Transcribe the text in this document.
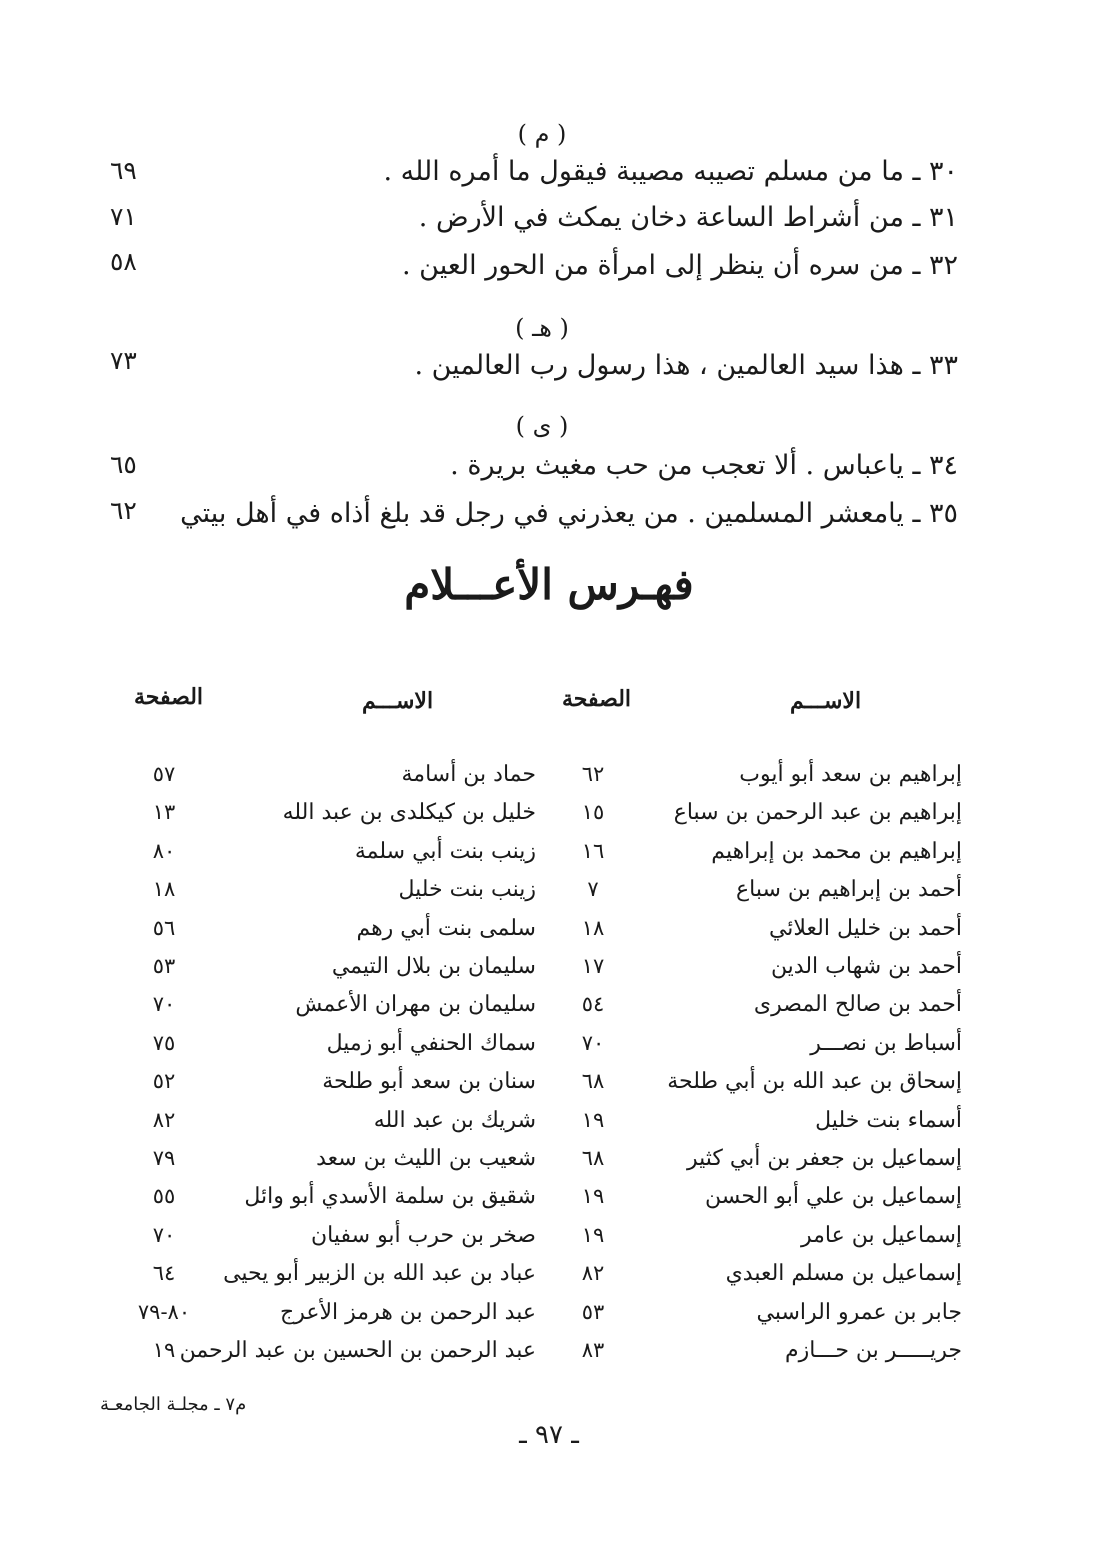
( م )
٣٠ ـ ما من مسلم تصيبه مصيبة فيقول ما أمره الله .
٦٩
٣١ ـ من أشراط الساعة دخان يمكث في الأرض .
٧١
٣٢ ـ من سره أن ينظر إلى امرأة من الحور العين .
٥٨
( هـ )
٣٣ ـ هذا سيد العالمين ، هذا رسول رب العالمين .
٧٣
( ى )
٣٤ ـ ياعباس . ألا تعجب من حب مغيث بريرة .
٦٥
٣٥ ـ يامعشر المسلمين . من يعذرني في رجل قد بلغ أذاه في أهل بيتي
٦٢
فهـرس الأعـــلام
الاســـم
الصفحة
الاســـم
الصفحة
إبراهيم بن سعد أبو أيوب
٦٢
إبراهيم بن عبد الرحمن بن سباع
١٥
إبراهيم بن محمد بن إبراهيم
١٦
أحمد بن إبراهيم بن سباع
٧
أحمد بن خليل العلائي
١٨
أحمد بن شهاب الدين
١٧
أحمد بن صالح المصرى
٥٤
أسباط بن نصـــر
٧٠
إسحاق بن عبد الله بن أبي طلحة
٦٨
أسماء بنت خليل
١٩
إسماعيل بن جعفر بن أبي كثير
٦٨
إسماعيل بن علي أبو الحسن
١٩
إسماعيل بن عامر
١٩
إسماعيل بن مسلم العبدي
٨٢
جابر بن عمرو الراسبي
٥٣
جريـــــر بن حـــازم
٨٣
حماد بن أسامة
٥٧
خليل بن كيكلدى بن عبد الله
١٣
زينب بنت أبي سلمة
٨٠
زينب بنت خليل
١٨
سلمى بنت أبي رهم
٥٦
سليمان بن بلال التيمي
٥٣
سليمان بن مهران الأعمش
٧٠
سماك الحنفي أبو زميل
٧٥
سنان بن سعد أبو طلحة
٥٢
شريك بن عبد الله
٨٢
شعيب بن الليث بن سعد
٧٩
شقيق بن سلمة الأسدي أبو وائل
٥٥
صخر بن حرب أبو سفيان
٧٠
عباد بن عبد الله بن الزبير أبو يحيى
٦٤
عبد الرحمن بن هرمز الأعرج
٨٠-٧٩
عبد الرحمن بن الحسين بن عبد الرحمن
١٩
م٧ ـ مجلـة الجامعـة
ـ ٩٧ ـ
